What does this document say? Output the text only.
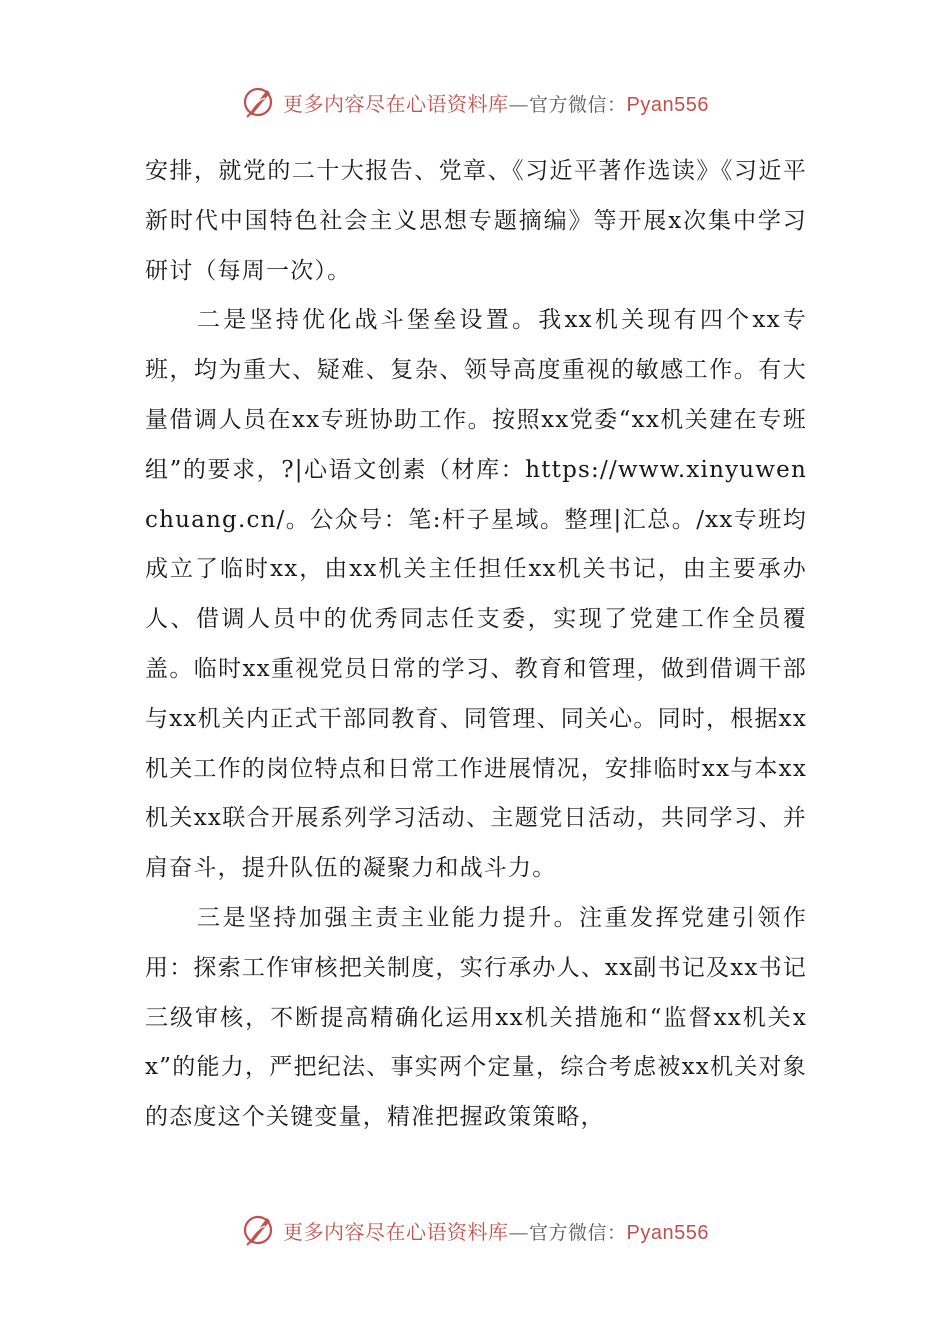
更多内容尽在心语资料库—官方微信：Pyan556

安排，就党的二十大报告、党章、《习近平著作选读》《习近平新时代中国特色社会主义思想专题摘编》等开展x次集中学习研讨（每周一次）。

二是坚持优化战斗堡垒设置。我xx机关现有四个xx专班，均为重大、疑难、复杂、领导高度重视的敏感工作。有大量借调人员在xx专班协助工作。按照xx党委“xx机关建在专班组”的要求，?|心语文创素（材库：https://www.xinyuwenchuang.cn/。公众号：笔:杆子星域。整理|汇总。/xx专班均成立了临时xx，由xx机关主任担任xx机关书记，由主要承办人、借调人员中的优秀同志任支委，实现了党建工作全员覆盖。临时xx重视党员日常的学习、教育和管理，做到借调干部与xx机关内正式干部同教育、同管理、同关心。同时，根据xx机关工作的岗位特点和日常工作进展情况，安排临时xx与本xx机关xx联合开展系列学习活动、主题党日活动，共同学习、并肩奋斗，提升队伍的凝聚力和战斗力。

三是坚持加强主责主业能力提升。注重发挥党建引领作用：探索工作审核把关制度，实行承办人、xx副书记及xx书记三级审核，不断提高精确化运用xx机关措施和“监督xx机关xx”的能力，严把纪法、事实两个定量，综合考虑被xx机关对象的态度这个关键变量，精准把握政策策略，

更多内容尽在心语资料库—官方微信：Pyan556
